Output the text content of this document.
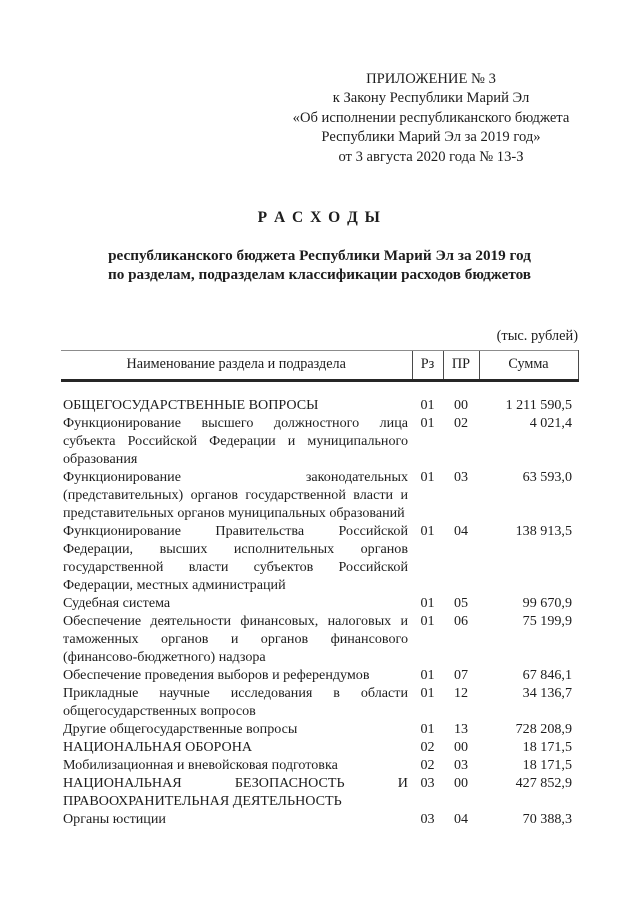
ПРИЛОЖЕНИЕ № 3
к Закону Республики Марий Эл
«Об исполнении республиканского бюджета
Республики Марий Эл за 2019 год»
от 3 августа 2020 года № 13-З
Р А С Х О Д Ы
республиканского бюджета Республики Марий Эл за 2019 год
по разделам, подразделам классификации расходов бюджетов
(тыс. рублей)
Наименование раздела и подраздела	Рз	ПР	Сумма
ОБЩЕГОСУДАРСТВЕННЫЕ ВОПРОСЫ	01	00	1 211 590,5
Функционирование высшего должностного лица субъекта Российской Федерации и муниципального образования	01	02	4 021,4
Функционирование законодательных (представительных) органов государственной власти и представительных органов муниципальных образований	01	03	63 593,0
Функционирование Правительства Российской Федерации, высших исполнительных органов государственной власти субъектов Российской Федерации, местных администраций	01	04	138 913,5
Судебная система	01	05	99 670,9
Обеспечение деятельности финансовых, налоговых и таможенных органов и органов финансового (финансово-бюджетного) надзора	01	06	75 199,9
Обеспечение проведения выборов и референдумов	01	07	67 846,1
Прикладные научные исследования в области общегосударственных вопросов	01	12	34 136,7
Другие общегосударственные вопросы	01	13	728 208,9
НАЦИОНАЛЬНАЯ ОБОРОНА	02	00	18 171,5
Мобилизационная и вневойсковая подготовка	02	03	18 171,5
НАЦИОНАЛЬНАЯ БЕЗОПАСНОСТЬ И ПРАВООХРАНИТЕЛЬНАЯ ДЕЯТЕЛЬНОСТЬ	03	00	427 852,9
Органы юстиции	03	04	70 388,3
